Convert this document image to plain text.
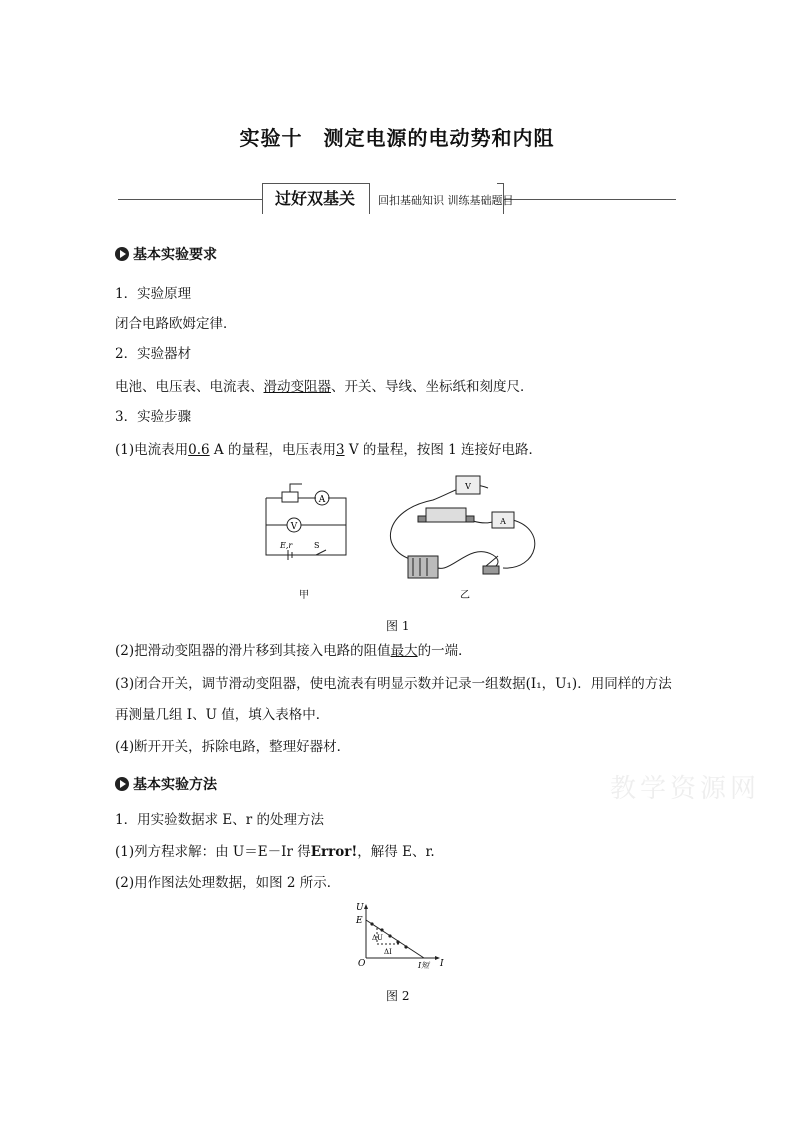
实验十　测定电源的电动势和内阻
过好双基关	回扣基础知识 训练基础题目
基本实验要求
1．实验原理
闭合电路欧姆定律．
2．实验器材
电池、电压表、电流表、滑动变阻器、开关、导线、坐标纸和刻度尺．
3．实验步骤
(1)电流表用0.6 A 的量程，电压表用3 V 的量程，按图 1 连接好电路．
A
V
E,r	S
V
A
甲	乙
图 1
(2)把滑动变阻器的滑片移到其接入电路的阻值最大的一端．
(3)闭合开关，调节滑动变阻器，使电流表有明显示数并记录一组数据(I₁，U₁)．用同样的方法
再测量几组 I、U 值，填入表格中．
(4)断开开关，拆除电路，整理好器材．
基本实验方法	教学资源网
1．用实验数据求 E、r 的处理方法
(1)列方程求解：由 U＝E－Ir 得Error!，解得 E、r.
(2)用作图法处理数据，如图 2 所示．
U
E
O	I
I短
ΔU
ΔI
图 2
